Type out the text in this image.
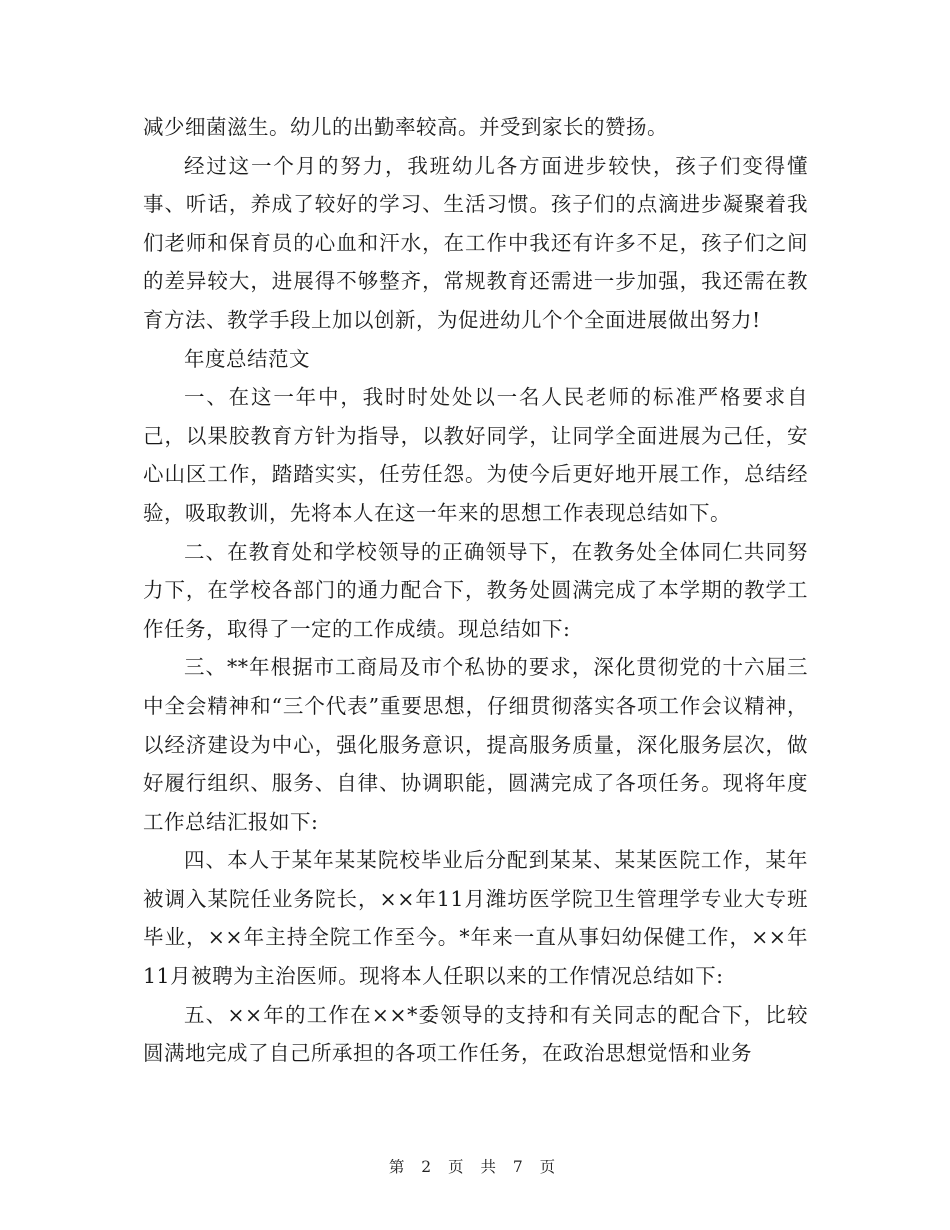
减少细菌滋生。幼儿的出勤率较高。并受到家长的赞扬。

经过这一个月的努力，我班幼儿各方面进步较快，孩子们变得懂事、听话，养成了较好的学习、生活习惯。孩子们的点滴进步凝聚着我们老师和保育员的心血和汗水，在工作中我还有许多不足，孩子们之间的差异较大，进展得不够整齐，常规教育还需进一步加强，我还需在教育方法、教学手段上加以创新，为促进幼儿个个全面进展做出努力!

年度总结范文

一、在这一年中，我时时处处以一名人民老师的标准严格要求自己，以果胶教育方针为指导，以教好同学，让同学全面进展为己任，安心山区工作，踏踏实实，任劳任怨。为使今后更好地开展工作，总结经验，吸取教训，先将本人在这一年来的思想工作表现总结如下。

二、在教育处和学校领导的正确领导下，在教务处全体同仁共同努力下，在学校各部门的通力配合下，教务处圆满完成了本学期的教学工作任务，取得了一定的工作成绩。现总结如下:

三、**年根据市工商局及市个私协的要求，深化贯彻党的十六届三中全会精神和“三个代表”重要思想，仔细贯彻落实各项工作会议精神，以经济建设为中心，强化服务意识，提高服务质量，深化服务层次，做好履行组织、服务、自律、协调职能，圆满完成了各项任务。现将年度工作总结汇报如下:

四、本人于某年某某院校毕业后分配到某某、某某医院工作，某年被调入某院任业务院长，××年11月潍坊医学院卫生管理学专业大专班毕业，××年主持全院工作至今。*年来一直从事妇幼保健工作，××年11月被聘为主治医师。现将本人任职以来的工作情况总结如下:

五、××年的工作在××*委领导的支持和有关同志的配合下，比较圆满地完成了自己所承担的各项工作任务，在政治思想觉悟和业务

第 2 页 共 7 页
